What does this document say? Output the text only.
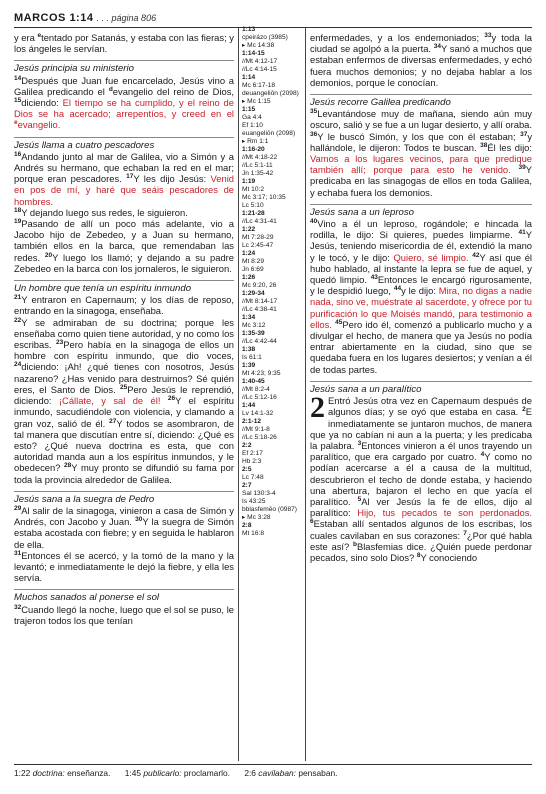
MARCOS 1:14 . . . página 806

y era $^e$tentado por Satanás, y estaba con las fieras; y los ángeles le servían.

Jesús principia su ministerio

$^{14}$Después que Juan fue encarcelado, Jesús vino a Galilea predicando el $^d$evangelio del reino de Dios, $^{15}$diciendo: El tiempo se ha cumplido, y el reino de Dios se ha acercado; arrepentíos, y creed en el $^e$evangelio.

Jesús llama a cuatro pescadores

$^{16}$Andando junto al mar de Galilea, vio a Simón y a Andrés su hermano, que echaban la red en el mar; porque eran pescadores. $^{17}$Y les dijo Jesús: Venid en pos de mí, y haré que seáis pescadores de hombres.

$^{18}$Y dejando luego sus redes, le siguieron.

$^{19}$Pasando de allí un poco más adelante, vio a Jacobo hijo de Zebedeo, y a Juan su hermano, también ellos en la barca, que remendaban las redes. $^{20}$Y luego los llamó; y dejando a su padre Zebedeo en la barca con los jornaleros, le siguieron.

Un hombre que tenía un espíritu inmundo

$^{21}$Y entraron en Capernaum; y los días de reposo, entrando en la sinagoga, enseñaba.

$^{22}$Y se admiraban de su doctrina; porque les enseñaba como quien tiene autoridad, y no como los escribas. $^{23}$Pero había en la sinagoga de ellos un hombre con espíritu inmundo, que dio voces, $^{24}$diciendo: ¡Ah! ¿qué tienes con nosotros, Jesús nazareno? ¿Has venido para destruirnos? Sé quién eres, el Santo de Dios. $^{25}$Pero Jesús le reprendió, diciendo: ¡Cállate, y sal de él! $^{26}$Y el espíritu inmundo, sacudiéndole con violencia, y clamando a gran voz, salió de él. $^{27}$Y todos se asombraron, de tal manera que discutían entre sí, diciendo: ¿Qué es esto? ¿Qué nueva doctrina es esta, que con autoridad manda aun a los espíritus inmundos, y le obedecen? $^{28}$Y muy pronto se difundió su fama por toda la provincia alrededor de Galilea.

Jesús sana a la suegra de Pedro

$^{29}$Al salir de la sinagoga, vinieron a casa de Simón y Andrés, con Jacobo y Juan. $^{30}$Y la suegra de Simón estaba acostada con fiebre; y en seguida le hablaron de ella.

$^{31}$Entonces él se acercó, y la tomó de la mano y la levantó; e inmediatamente le dejó la fiebre, y ella les servía.

Muchos sanados al ponerse el sol

$^{32}$Cuando llegó la noche, luego que el sol se puso, le trajeron todos los que tenían

1:13
cpeirázo (3985)
▸ Mc 14:38
1:14-15
//Mt 4:12-17
//Lc 4:14-15
1:14
Mc 6:17-18
deuangeliōn (2098)
▸ Mc 1:15
1:15
Ga 4:4
Ef 1:10
euangeliōn (2098)
▸ Rm 1:1
1:16-20
//Mt 4:18-22
//Lc 5:1-11
Jn 1:35-42
1:19
Mt 10:2
Mc 3:17; 10:35
Lc 5:10
1:21-28
//Lc 4:31-41
1:22
Mt 7:28-29
Lc 2:45-47
1:24
Mt 8:29
Jn 6:69
1:26
Mc 9:20, 26
1:29-34
//Mt 8:14-17
//Lc 4:38-41
1:34
Mc 3:12
1:35-39
//Lc 4:42-44
1:38
Is 61:1
1:39
Mt 4:23; 9:35
1:40-45
//Mt 8:2-4
//Lc 5:12-16
1:44
Lv 14:1-32
2:1-12
//Mt 9:1-8
//Lc 5:18-26
2:2
Ef 2:17
Hb 2:3
2:5
Lc 7:48
2:7
Sal 130:3-4
Is 43:25
bblasfemēo (0987)
▸ Mc 3:28
2:8
Mt 16:8

enfermedades, y a los endemoniados; $^{33}$y toda la ciudad se agolpó a la puerta. $^{34}$Y sanó a muchos que estaban enfermos de diversas enfermedades, y echó fuera muchos demonios; y no dejaba hablar a los demonios, porque le conocían.

Jesús recorre Galilea predicando

$^{35}$Levantándose muy de mañana, siendo aún muy oscuro, salió y se fue a un lugar desierto, y allí oraba. $^{36}$Y le buscó Simón, y los que con él estaban; $^{37}$y hallándole, le dijeron: Todos te buscan. $^{38}$Él les dijo: Vamos a los lugares vecinos, para que predique también allí; porque para esto he venido. $^{39}$Y predicaba en las sinagogas de ellos en toda Galilea, y echaba fuera los demonios.

Jesús sana a un leproso

$^{40}$Vino a él un leproso, rogándole; e hincada la rodilla, le dijo: Si quieres, puedes limpiarme. $^{41}$Y Jesús, teniendo misericordia de él, extendió la mano y le tocó, y le dijo: Quiero, sé limpio. $^{42}$Y así que él hubo hablado, al instante la lepra se fue de aquel, y quedó limpio. $^{43}$Entonces le encargó rigurosamente, y le despidió luego, $^{44}$y le dijo: Mira, no digas a nadie nada, sino ve, muéstrate al sacerdote, y ofrece por tu purificación lo que Moisés mandó, para testimonio a ellos. $^{45}$Pero ido él, comenzó a publicarlo mucho y a divulgar el hecho, de manera que ya Jesús no podía entrar abiertamente en la ciudad, sino que se quedaba fuera en los lugares desiertos; y venían a él de todas partes.

Jesús sana a un paralítico

2 Entró Jesús otra vez en Capernaum después de algunos días; y se oyó que estaba en casa. $^2$E inmediatamente se juntaron muchos, de manera que ya no cabían ni aun a la puerta; y les predicaba la palabra. $^3$Entonces vinieron a él unos trayendo un paralítico, que era cargado por cuatro. $^4$Y como no podían acercarse a él a causa de la multitud, descubrieron el techo de donde estaba, y haciendo una abertura, bajaron el lecho en que yacía el paralítico. $^5$Al ver Jesús la fe de ellos, dijo al paralítico: Hijo, tus pecados te son perdonados. $^6$Estaban allí sentados algunos de los escribas, los cuales cavilaban en sus corazones: $^7$¿Por qué habla este así? $^b$Blasfemias dice. ¿Quién puede perdonar pecados, sino solo Dios? $^8$Y conociendo

1:22 doctrina: enseñanza. 1:45 publicarlo: proclamarlo. 2:6 cavilaban: pensaban.
